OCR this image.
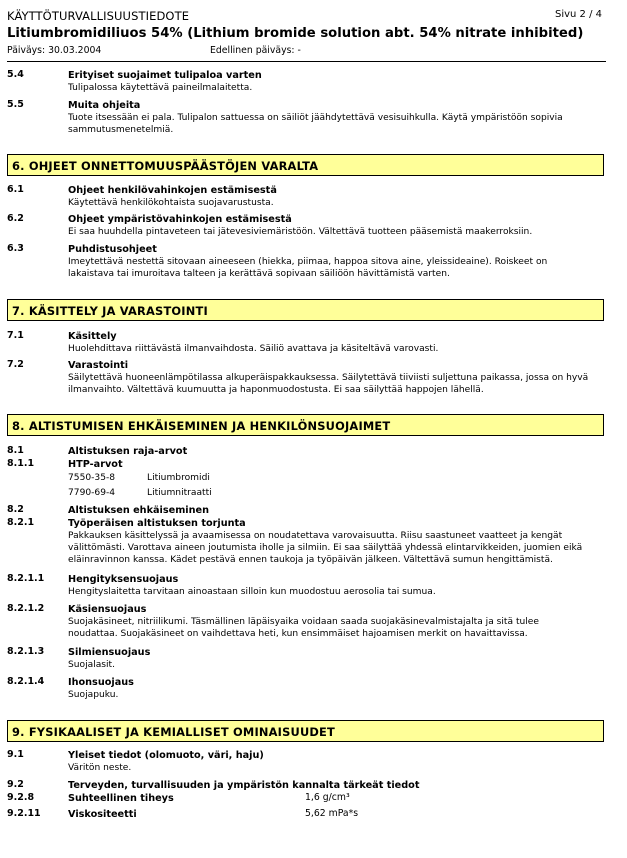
KÄYTTÖTURVALLISUUSTIEDOTE	Sivu 2 / 4
Litiumbromidiliuos 54% (Lithium bromide solution abt. 54% nitrate inhibited)
Päiväys: 30.03.2004	Edellinen päiväys: -
5.4	Erityiset suojaimet tulipaloa varten
Tulipalossa käytettävä paineilmalaitetta.
5.5	Muita ohjeita
Tuote itsessään ei pala. Tulipalon sattuessa on säiliöt jäähdytettävä vesisuihkulla. Käytä ympäristöön sopivia
sammutusmenetelmiä.
6. OHJEET ONNETTOMUUSPÄÄSTÖJEN VARALTA
6.1	Ohjeet henkilövahinkojen estämisestä
Käytettävä henkilökohtaista suojavarustusta.
6.2	Ohjeet ympäristövahinkojen estämisestä
Ei saa huuhdella pintaveteen tai jätevesiviemäristöön. Vältettävä tuotteen pääsemistä maakerroksiin.
6.3	Puhdistusohjeet
Imeytettävä nestettä sitovaan aineeseen (hiekka, piimaa, happoa sitova aine, yleissideaine). Roiskeet on
lakaistava tai imuroitava talteen ja kerättävä sopivaan säiliöön hävittämistä varten.
7. KÄSITTELY JA VARASTOINTI
7.1	Käsittely
Huolehdittava riittävästä ilmanvaihdosta. Säiliö avattava ja käsiteltävä varovasti.
7.2	Varastointi
Säilytettävä huoneenlämpötilassa alkuperäispakkauksessa. Säilytettävä tiiviisti suljettuna paikassa, jossa on hyvä
ilmanvaihto. Vältettävä kuumuutta ja haponmuodostusta. Ei saa säilyttää happojen lähellä.
8. ALTISTUMISEN EHKÄISEMINEN JA HENKILÖNSUOJAIMET
8.1	Altistuksen raja-arvot
8.1.1	HTP-arvot
7550-35-8	Litiumbromidi
7790-69-4	Litiumnitraatti
8.2	Altistuksen ehkäiseminen
8.2.1	Työperäisen altistuksen torjunta
Pakkauksen käsittelyssä ja avaamisessa on noudatettava varovaisuutta. Riisu saastuneet vaatteet ja kengät
välittömästi. Varottava aineen joutumista iholle ja silmiin. Ei saa säilyttää yhdessä elintarvikkeiden, juomien eikä
eläinravinnon kanssa. Kädet pestävä ennen taukoja ja työpäivän jälkeen. Vältettävä sumun hengittämistä.
8.2.1.1 Hengityksensuojaus
Hengityslaitetta tarvitaan ainoastaan silloin kun muodostuu aerosolia tai sumua.
8.2.1.2 Käsiensuojaus
Suojakäsineet, nitriilikumi. Täsmällinen läpäisyaika voidaan saada suojakäsinevalmistajalta ja sitä tulee
noudattaa. Suojakäsineet on vaihdettava heti, kun ensimmäiset hajoamisen merkit on havaittavissa.
8.2.1.3 Silmiensuojaus
Suojalasit.
8.2.1.4 Ihonsuojaus
Suojapuku.
9. FYSIKAALISET JA KEMIALLISET OMINAISUUDET
9.1	Yleiset tiedot (olomuoto, väri, haju)
Väritön neste.
9.2	Terveyden, turvallisuuden ja ympäristön kannalta tärkeät tiedot
9.2.8	Suhteellinen tiheys	1,6 g/cm³
9.2.11	Viskositeetti	5,62 mPa*s
